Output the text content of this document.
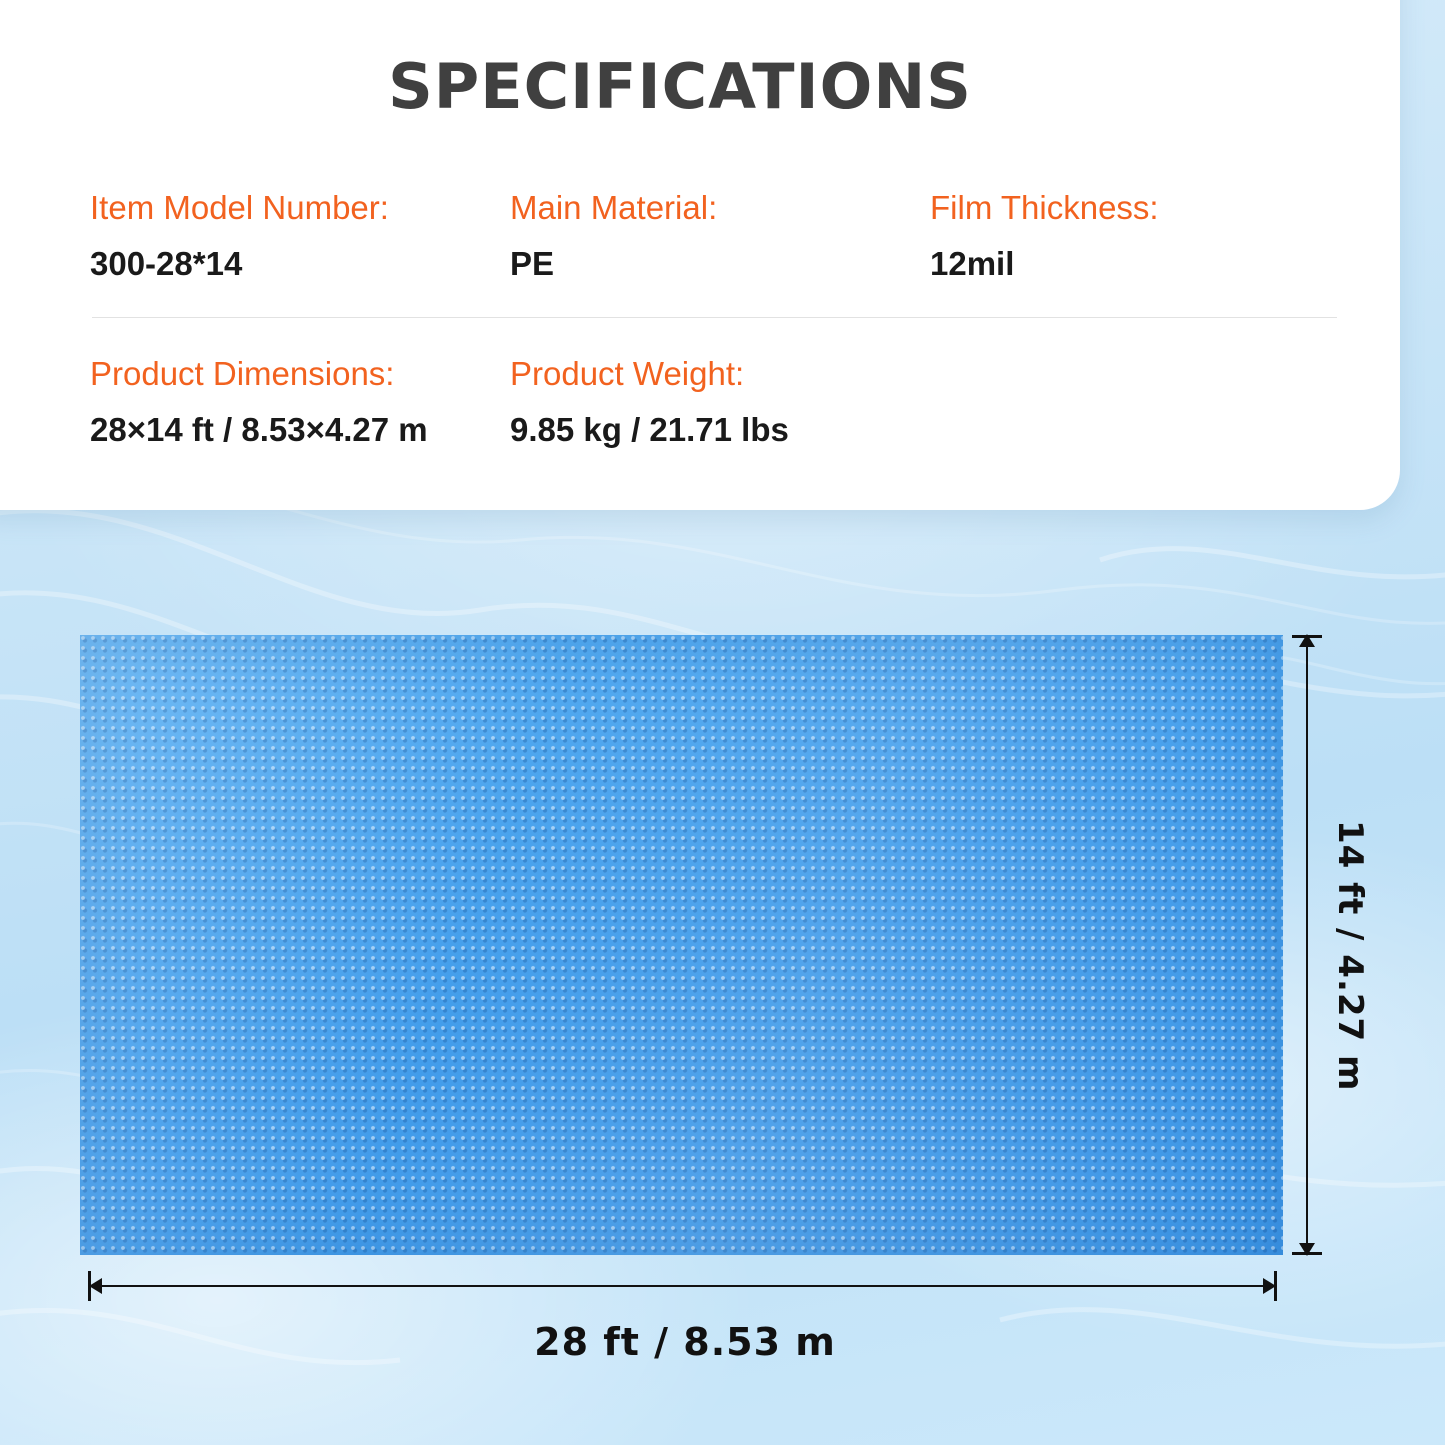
SPECIFICATIONS
Item Model Number:
300-28*14
Main Material:
PE
Film Thickness:
12mil
Product Dimensions:
28×14 ft / 8.53×4.27 m
Product Weight:
9.85 kg / 21.71 lbs
14 ft / 4.27 m
28 ft / 8.53 m
